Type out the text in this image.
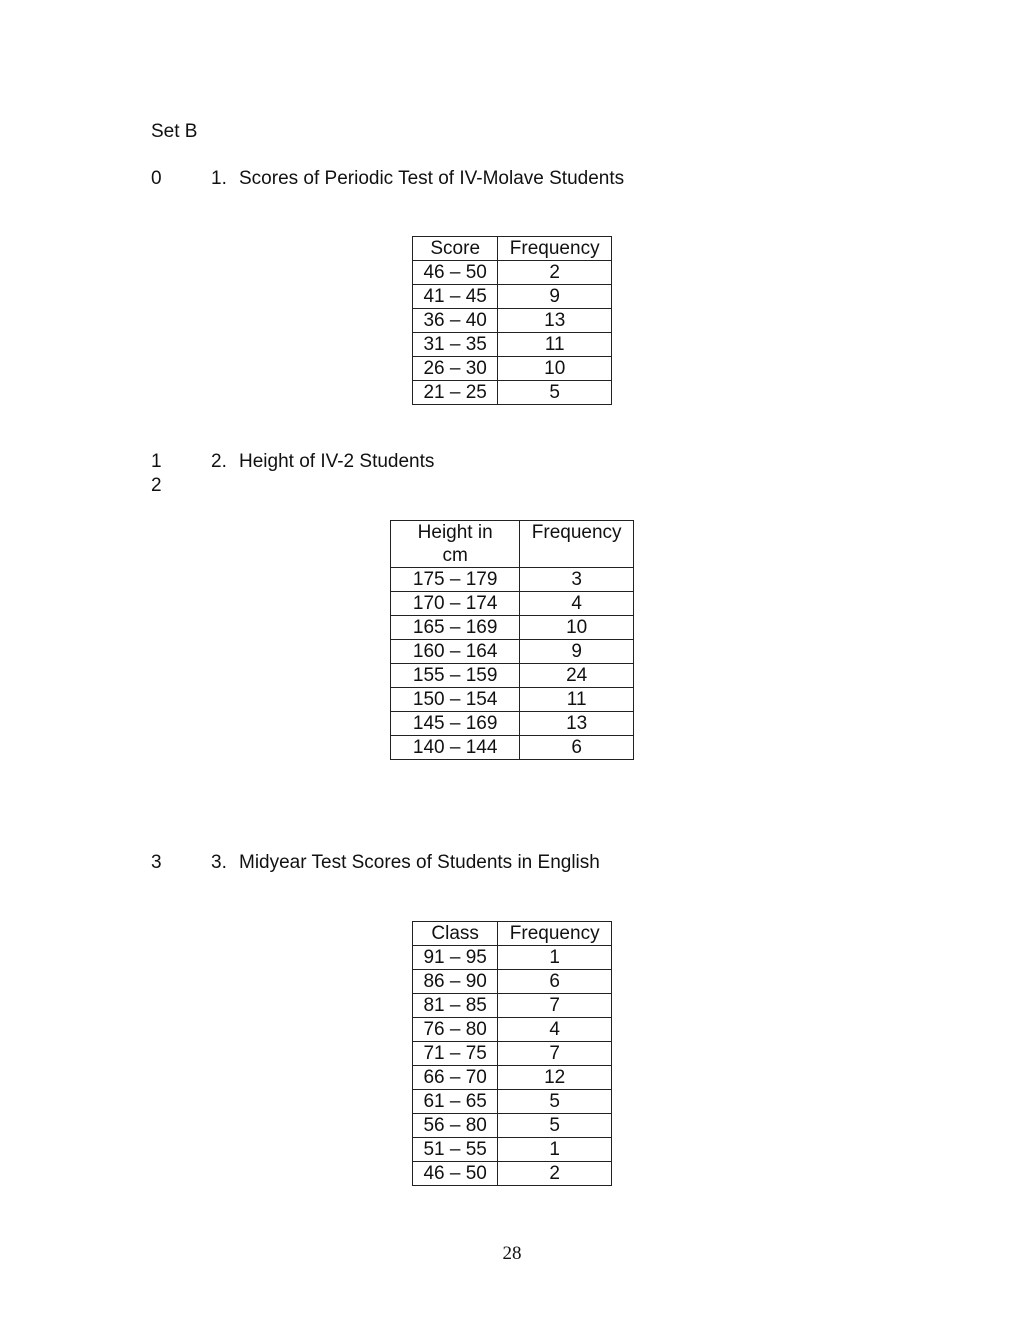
Set B
0	1. Scores of Periodic Test of IV-Molave Students
Score	Frequency
46 – 50	2
41 – 45	9
36 – 40	13
31 – 35	11
26 – 30	10
21 – 25	5
1
2
2. Height of IV-2 Students
Height in cm	Frequency
175 – 179	3
170 – 174	4
165 – 169	10
160 – 164	9
155 – 159	24
150 – 154	11
145 – 169	13
140 – 144	6
3	3. Midyear Test Scores of Students in English
Class	Frequency
91 – 95	1
86 – 90	6
81 – 85	7
76 – 80	4
71 – 75	7
66 – 70	12
61 – 65	5
56 – 80	5
51 – 55	1
46 – 50	2
28
